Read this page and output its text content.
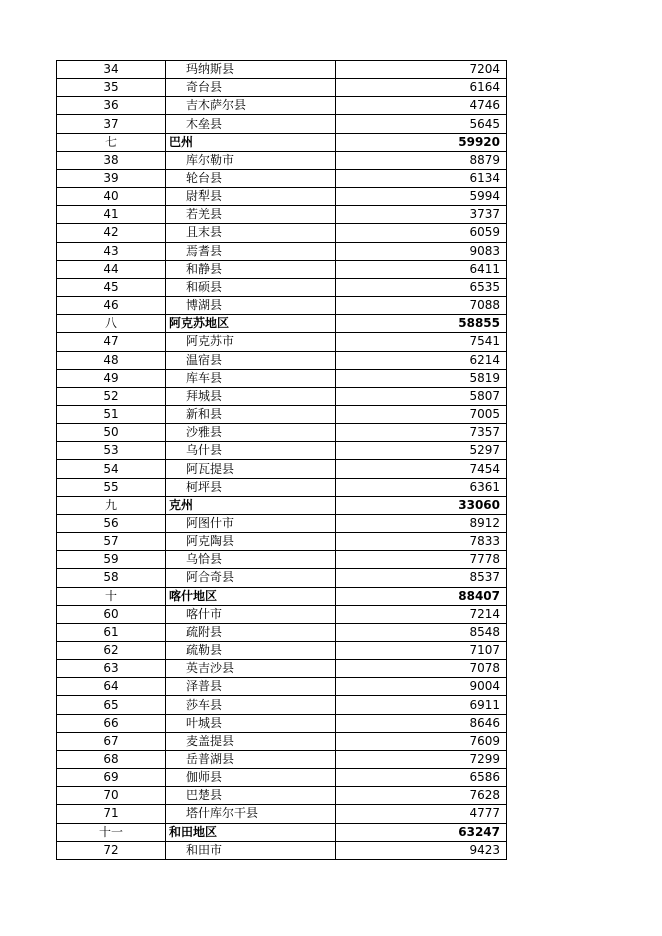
34	玛纳斯县	7204
35	奇台县	6164
36	吉木萨尔县	4746
37	木垒县	5645
七	巴州	59920
38	库尔勒市	8879
39	轮台县	6134
40	尉犁县	5994
41	若羌县	3737
42	且末县	6059
43	焉耆县	9083
44	和静县	6411
45	和硕县	6535
46	博湖县	7088
八	阿克苏地区	58855
47	阿克苏市	7541
48	温宿县	6214
49	库车县	5819
52	拜城县	5807
51	新和县	7005
50	沙雅县	7357
53	乌什县	5297
54	阿瓦提县	7454
55	柯坪县	6361
九	克州	33060
56	阿图什市	8912
57	阿克陶县	7833
59	乌恰县	7778
58	阿合奇县	8537
十	喀什地区	88407
60	喀什市	7214
61	疏附县	8548
62	疏勒县	7107
63	英吉沙县	7078
64	泽普县	9004
65	莎车县	6911
66	叶城县	8646
67	麦盖提县	7609
68	岳普湖县	7299
69	伽师县	6586
70	巴楚县	7628
71	塔什库尔干县	4777
十一	和田地区	63247
72	和田市	9423
